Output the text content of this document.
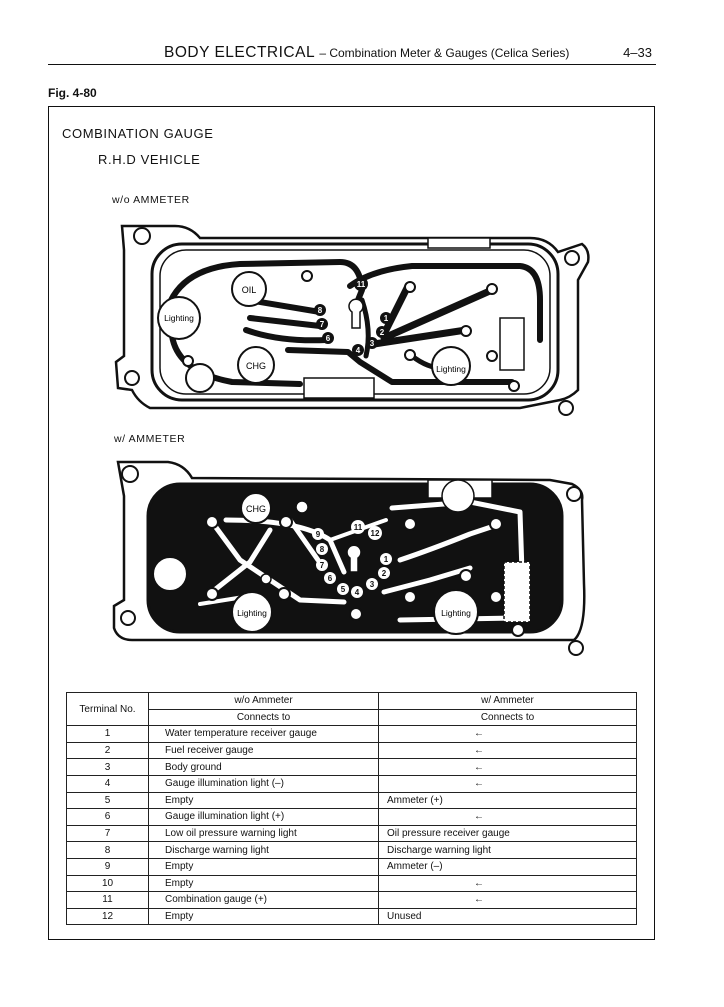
BODY ELECTRICAL – Combination Meter & Gauges (Celica Series)	4–33
Fig. 4-80
COMBINATION GAUGE
R.H.D VEHICLE
w/o AMMETER
w/ AMMETER
OIL
Lighting
CHG	Lighting
8
7
6
11
1
2
3
4
CHG
Lighting	Lighting
9
8
7
6
5 4
11
12
1
2
3
Terminal No.	w/o Ammeter	w/ Ammeter
	Connects to	Connects to
1	Water temperature receiver gauge	←
2	Fuel receiver gauge	←
3	Body ground	←
4	Gauge illumination light (–)	←
5	Empty	Ammeter (+)
6	Gauge illumination light (+)	←
7	Low oil pressure warning light	Oil pressure receiver gauge
8	Discharge warning light	Discharge warning light
9	Empty	Ammeter (–)
10	Empty	←
11	Combination gauge (+)	←
12	Empty	Unused
